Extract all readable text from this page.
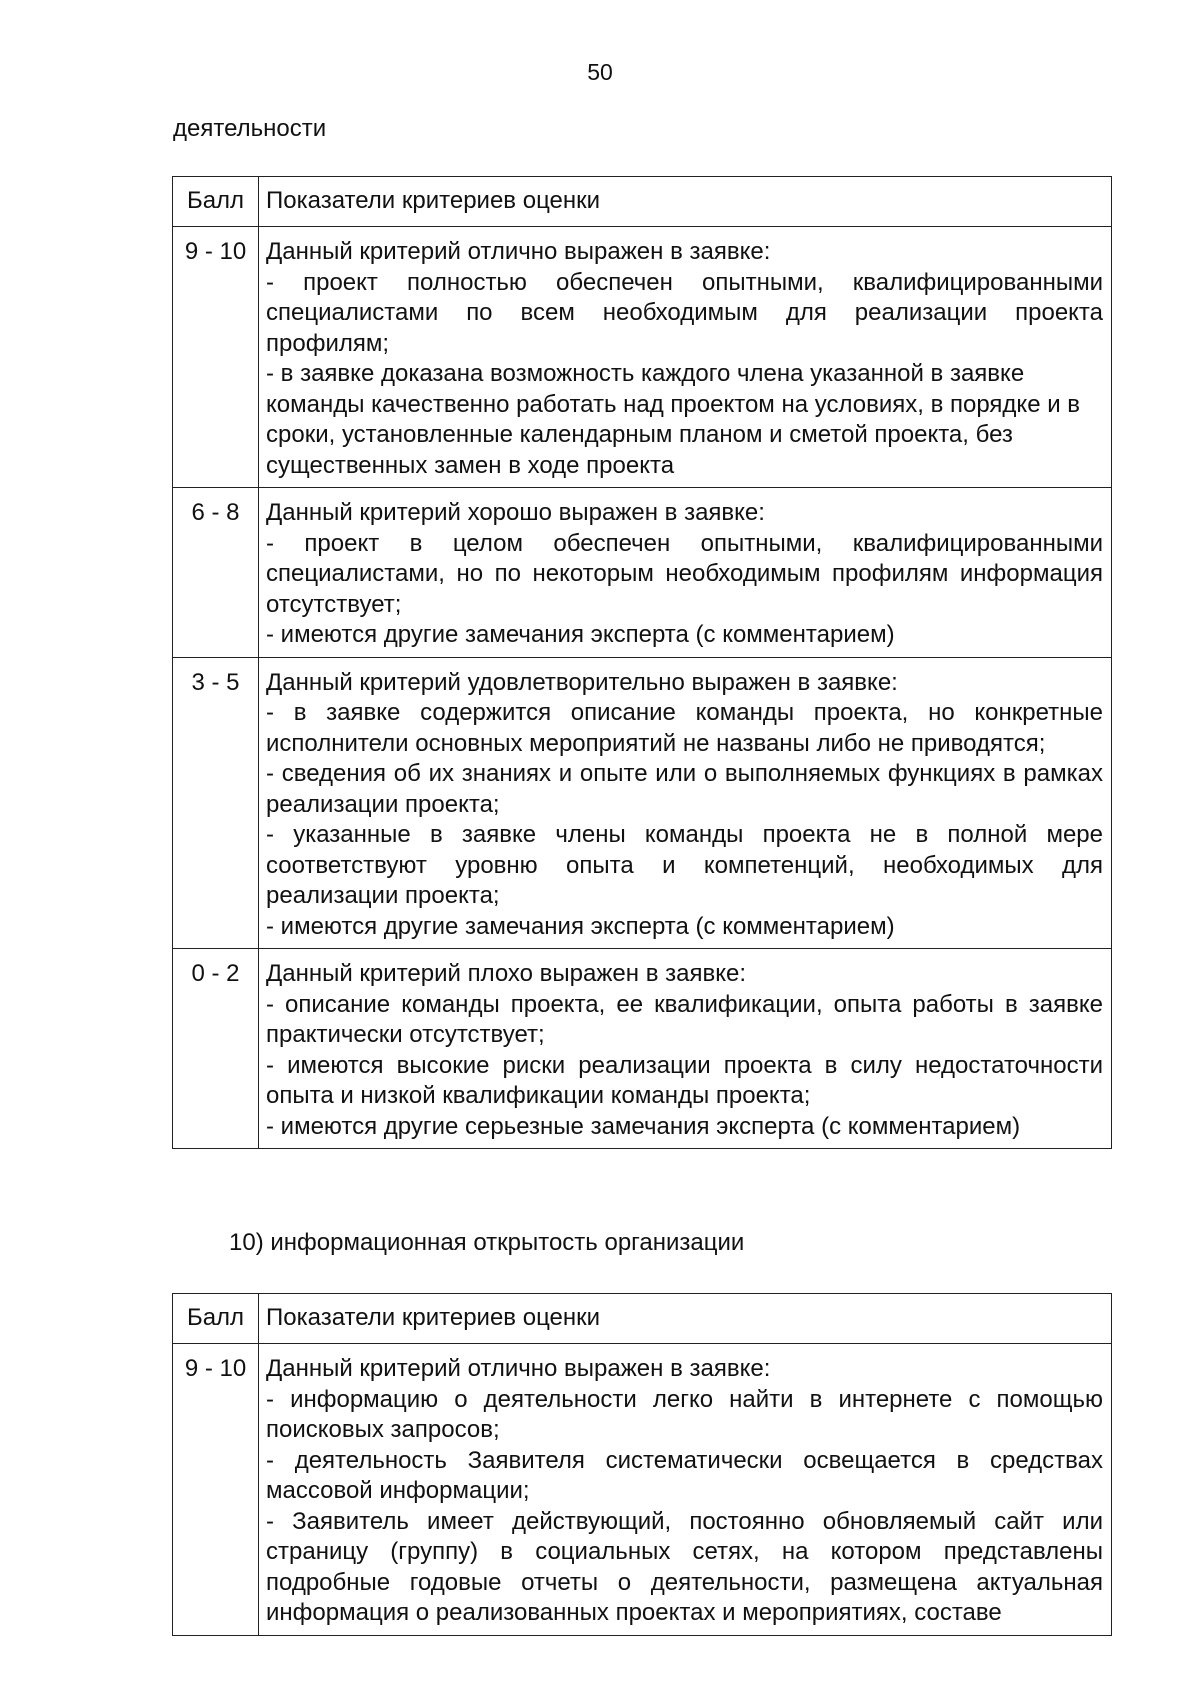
50
деятельности
Балл	Показатели критериев оценки
9 - 10	Данный критерий отлично выражен в заявке:
- проект полностью обеспечен опытными, квалифицированными специалистами по всем необходимым для реализации проекта профилям;
- в заявке доказана возможность каждого члена указанной в заявке команды качественно работать над проектом на условиях, в порядке и в сроки, установленные календарным планом и сметой проекта, без существенных замен в ходе проекта

6 - 8	Данный критерий хорошо выражен в заявке:
- проект в целом обеспечен опытными, квалифицированными специалистами, но по некоторым необходимым профилям информация отсутствует;
- имеются другие замечания эксперта (с комментарием)

3 - 5	Данный критерий удовлетворительно выражен в заявке:
- в заявке содержится описание команды проекта, но конкретные исполнители основных мероприятий не названы либо не приводятся;
- сведения об их знаниях и опыте или о выполняемых функциях в рамках реализации проекта;
- указанные в заявке члены команды проекта не в полной мере соответствуют уровню опыта и компетенций, необходимых для реализации проекта;
- имеются другие замечания эксперта (с комментарием)

0 - 2	Данный критерий плохо выражен в заявке:
- описание команды проекта, ее квалификации, опыта работы в заявке практически отсутствует;
- имеются высокие риски реализации проекта в силу недостаточности опыта и низкой квалификации команды проекта;
- имеются другие серьезные замечания эксперта (с комментарием)
10) информационная открытость организации
Балл	Показатели критериев оценки
9 - 10	Данный критерий отлично выражен в заявке:
- информацию о деятельности легко найти в интернете с помощью поисковых запросов;
- деятельность Заявителя систематически освещается в средствах массовой информации;
- Заявитель имеет действующий, постоянно обновляемый сайт или страницу (группу) в социальных сетях, на котором представлены подробные годовые отчеты о деятельности, размещена актуальная информация о реализованных проектах и мероприятиях, составе
